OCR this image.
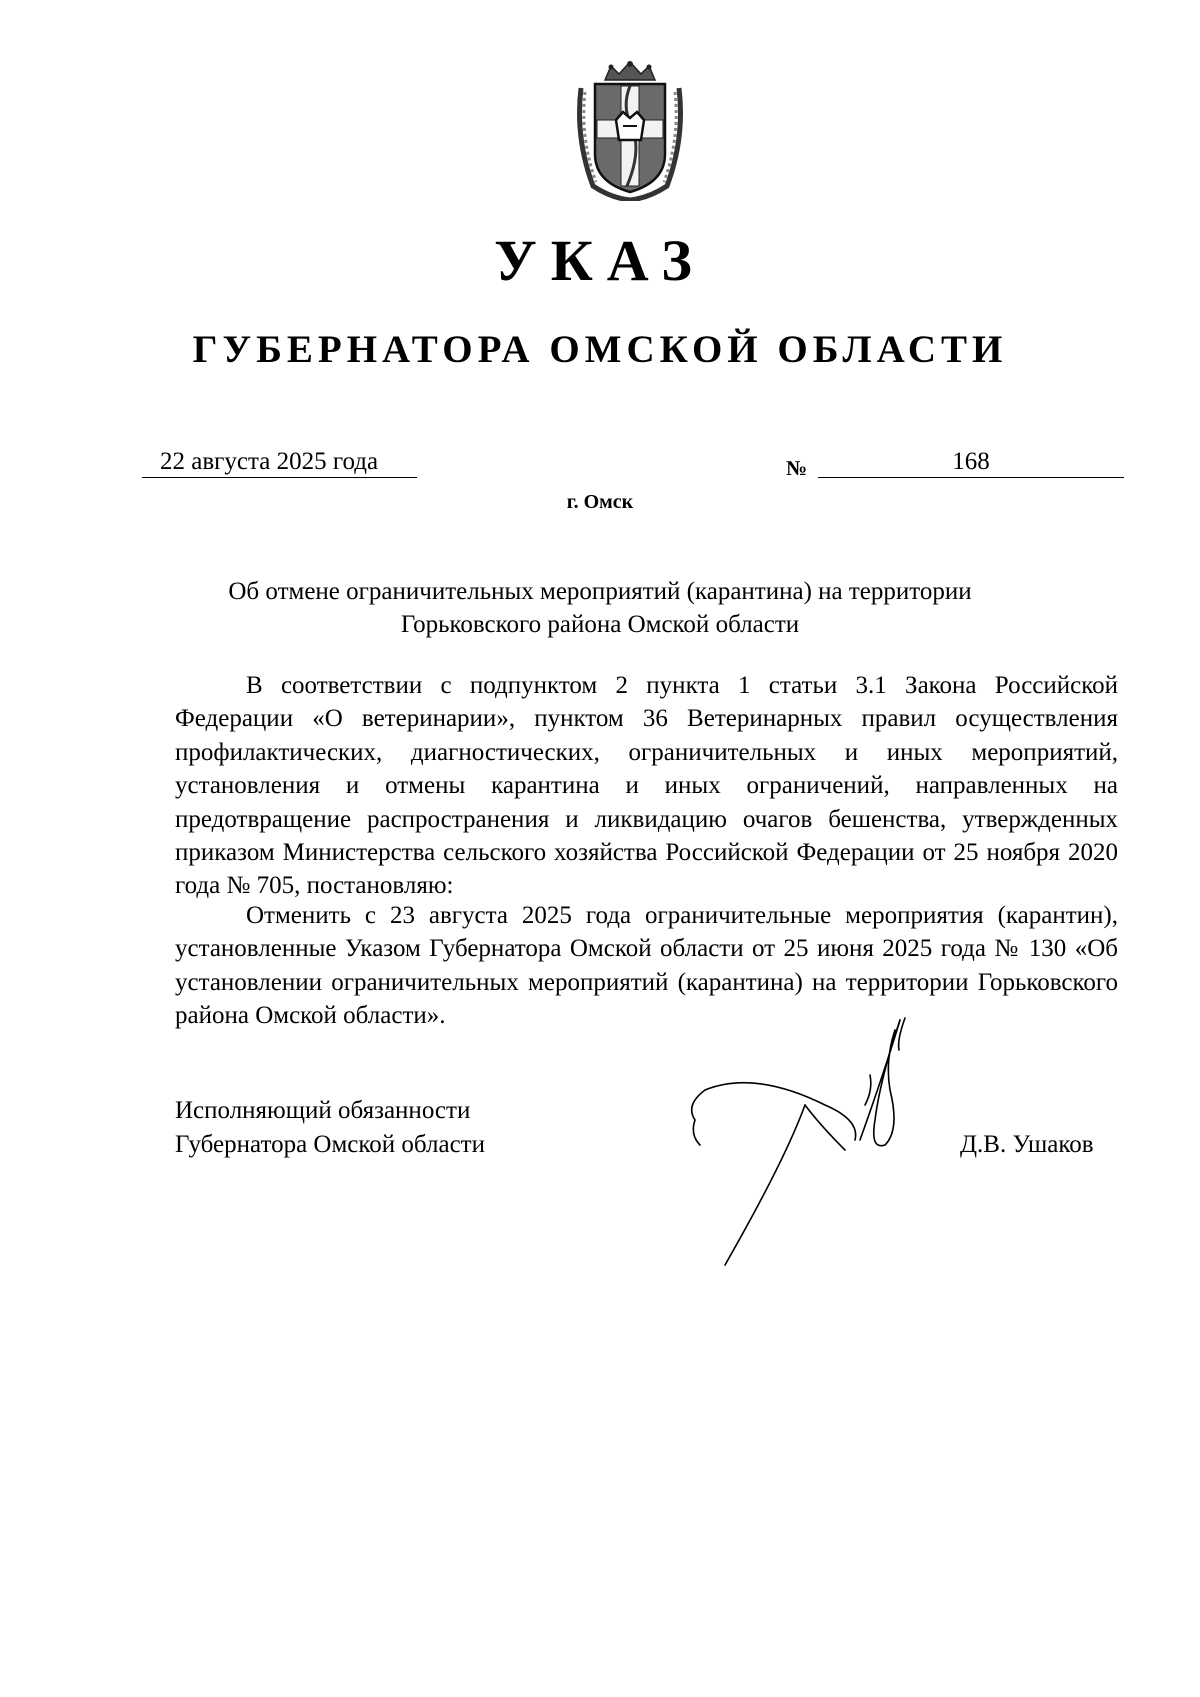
УКАЗ
ГУБЕРНАТОРА ОМСКОЙ ОБЛАСТИ
22 августа 2025 года	№	168
г. Омск
Об отмене ограничительных мероприятий (карантина) на территории
Горьковского района Омской области
В соответствии с подпунктом 2 пункта 1 статьи 3.1 Закона Российской Федерации «О ветеринарии», пунктом 36 Ветеринарных правил осуществления профилактических, диагностических, ограничительных и иных мероприятий, установления и отмены карантина и иных ограничений, направленных на предотвращение распространения и ликвидацию очагов бешенства, утвержденных приказом Министерства сельского хозяйства Российской Федерации от 25 ноября 2020 года № 705, постановляю:
Отменить с 23 августа 2025 года ограничительные мероприятия (карантин), установленные Указом Губернатора Омской области от 25 июня 2025 года № 130 «Об установлении ограничительных мероприятий (карантина) на территории Горьковского района Омской области».
Исполняющий обязанности
Губернатора Омской области	Д.В. Ушаков
